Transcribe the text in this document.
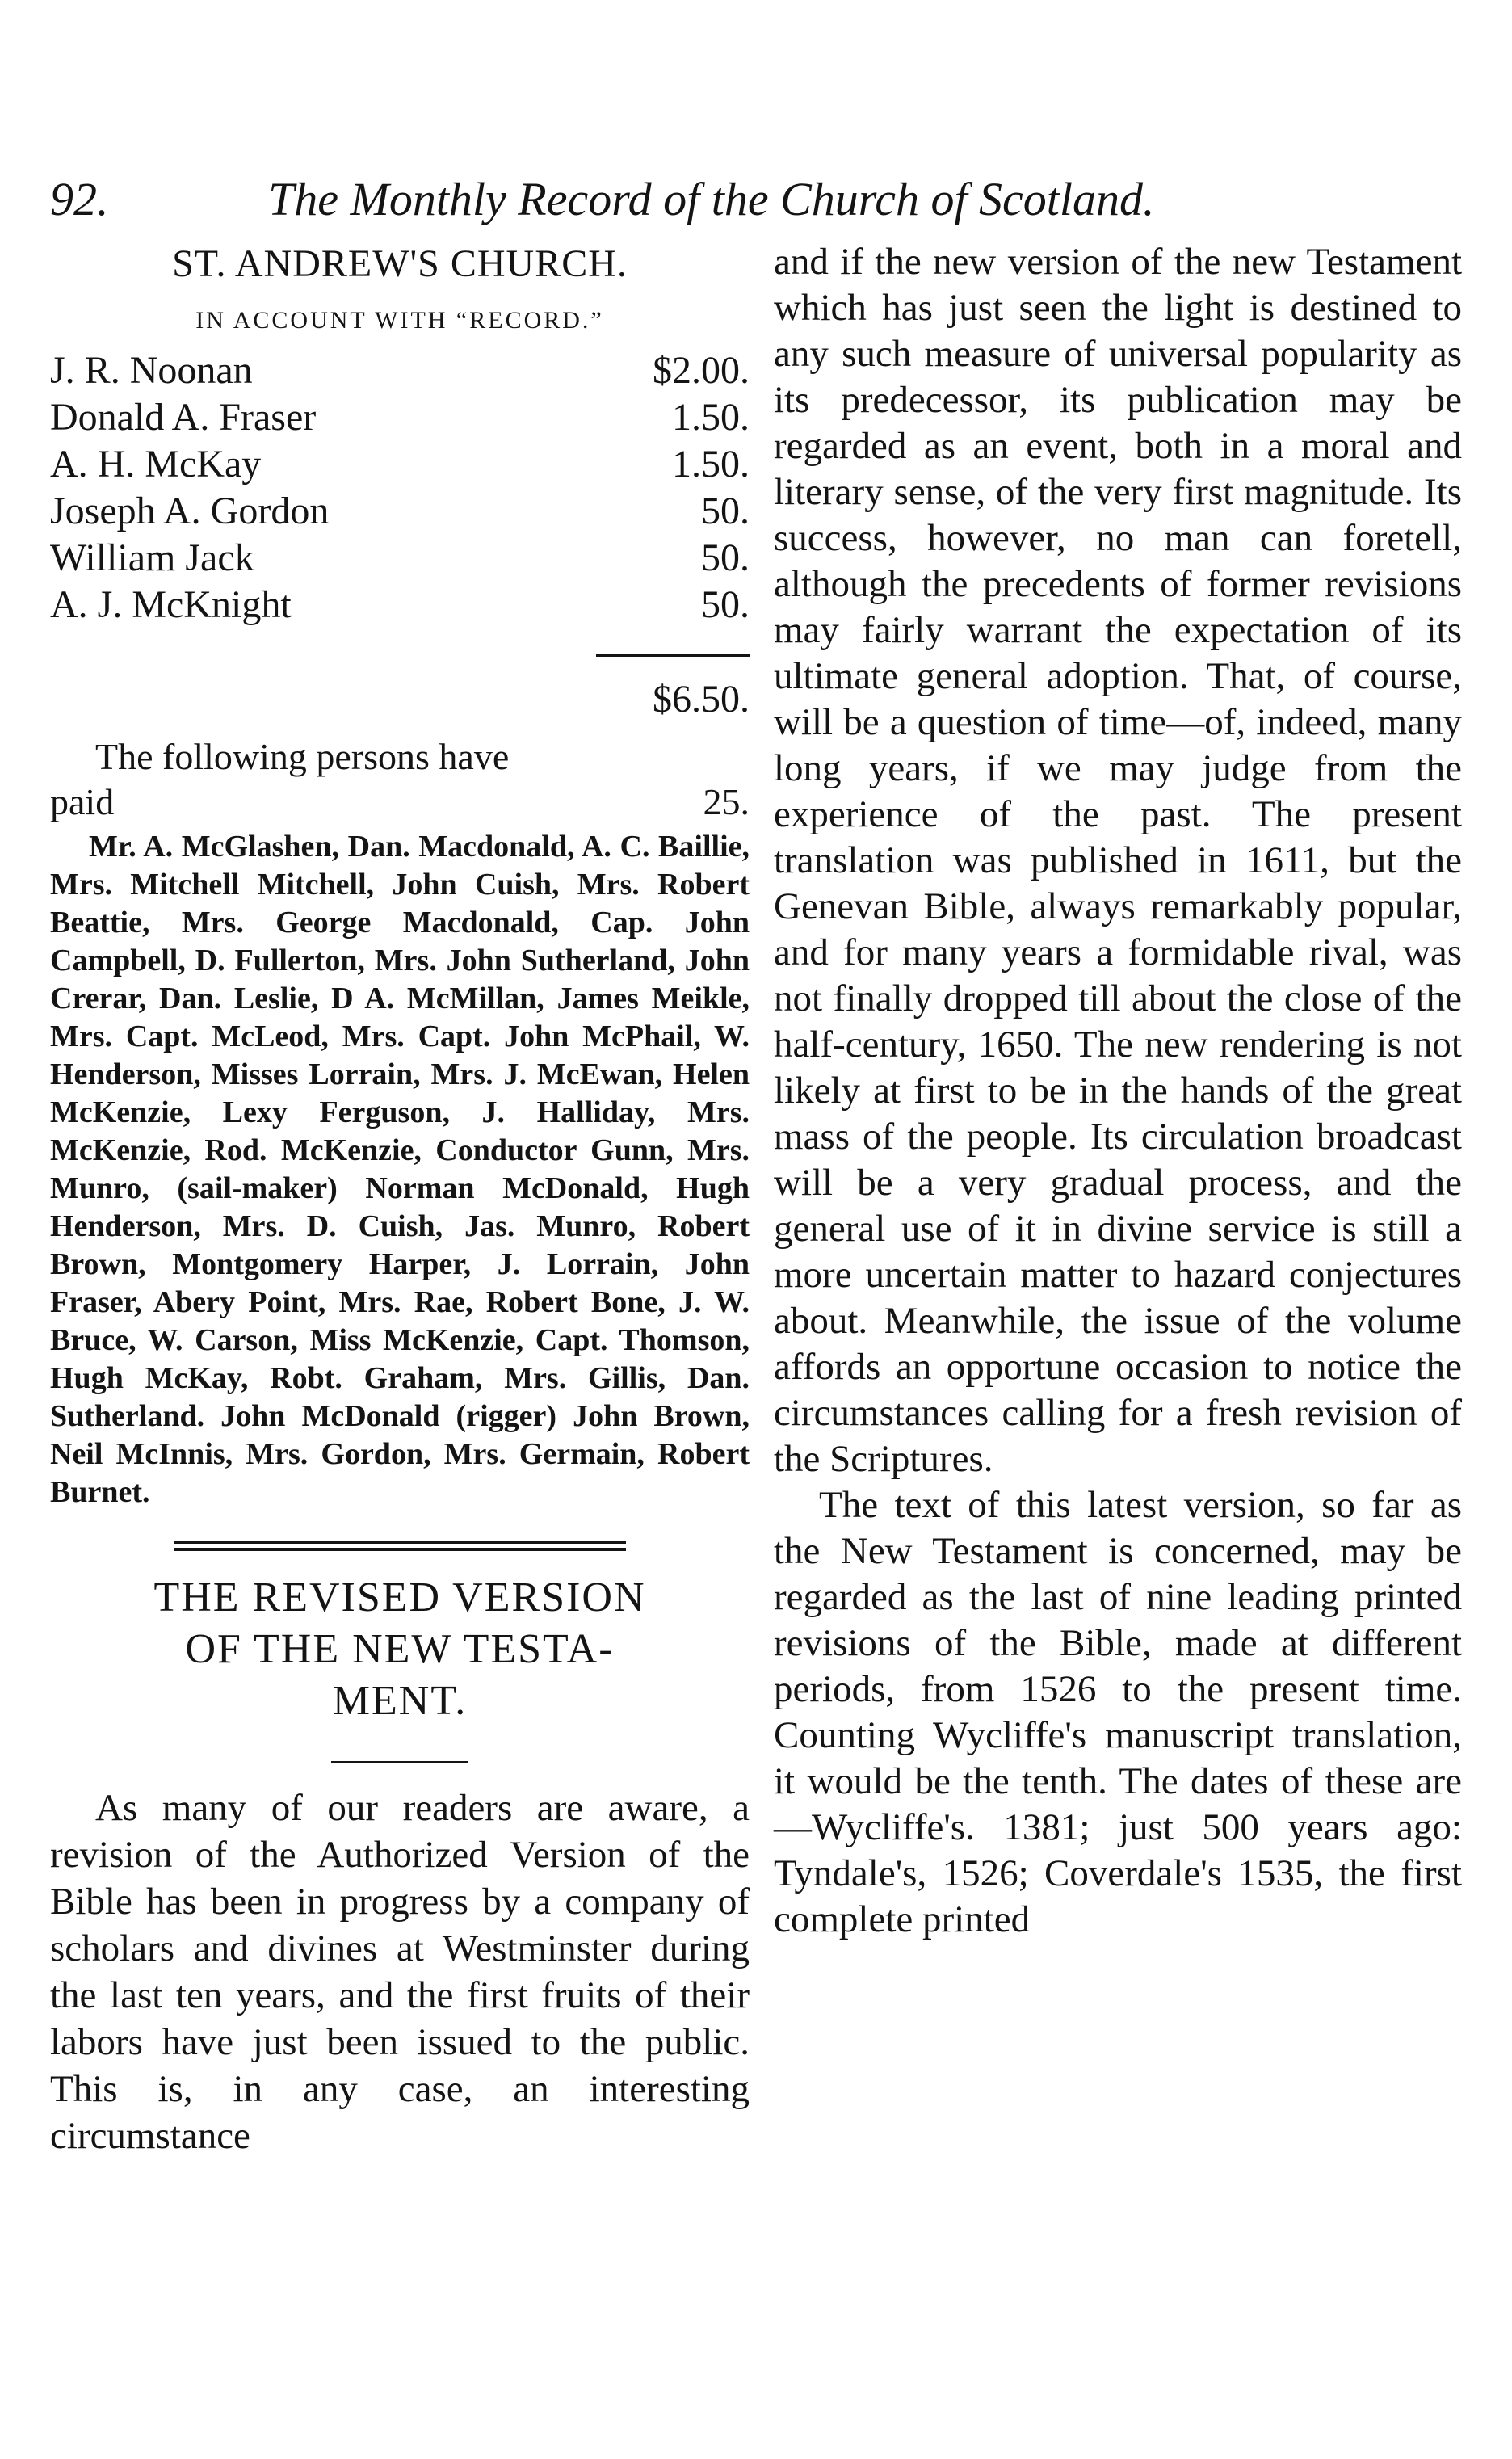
92.	The Monthly Record of the Church of Scotland.
ST. ANDREW'S CHURCH.
IN ACCOUNT WITH “RECORD.”
J. R. Noonan	$2.00.
Donald A. Fraser	1.50.
A. H. McKay	1.50.
Joseph A. Gordon	50.
William Jack	50.
A. J. McKnight	50.
$6.50.
The following persons have
paid	25.

Mr. A. McGlashen, Dan. Macdonald, A. C. Baillie, Mrs. Mitchell Mitchell, John Cuish, Mrs. Robert Beattie, Mrs. George Macdonald, Cap. John Campbell, D. Fullerton, Mrs. John Sutherland, John Crerar, Dan. Leslie, D A. McMillan, James Meikle, Mrs. Capt. McLeod, Mrs. Capt. John McPhail, W. Henderson, Misses Lorrain, Mrs. J. McEwan, Helen McKenzie, Lexy Ferguson, J. Halliday, Mrs. McKenzie, Rod. McKenzie, Conductor Gunn, Mrs. Munro, (sail-maker) Norman McDonald, Hugh Henderson, Mrs. D. Cuish, Jas. Munro, Robert Brown, Montgomery Harper, J. Lorrain, John Fraser, Abery Point, Mrs. Rae, Robert Bone, J. W. Bruce, W. Carson, Miss McKenzie, Capt. Thomson, Hugh McKay, Robt. Graham, Mrs. Gillis, Dan. Sutherland. John McDonald (rigger) John Brown, Neil McInnis, Mrs. Gordon, Mrs. Germain, Robert Burnet.

THE REVISED VERSION
OF THE NEW TESTA-
MENT.

As many of our readers are aware, a revision of the Authorized Version of the Bible has been in progress by a company of scholars and divines at Westminster during the last ten years, and the first fruits of their labors have just been issued to the public. This is, in any case, an interesting circumstance

and if the new version of the new Testament which has just seen the light is destined to any such measure of universal popularity as its predecessor, its publication may be regarded as an event, both in a moral and literary sense, of the very first magnitude. Its success, however, no man can foretell, although the precedents of former revisions may fairly warrant the expectation of its ultimate general adoption. That, of course, will be a question of time—of, indeed, many long years, if we may judge from the experience of the past. The present translation was published in 1611, but the Genevan Bible, always remarkably popular, and for many years a formidable rival, was not finally dropped till about the close of the half-century, 1650. The new rendering is not likely at first to be in the hands of the great mass of the people. Its circulation broadcast will be a very gradual process, and the general use of it in divine service is still a more uncertain matter to hazard conjectures about. Meanwhile, the issue of the volume affords an opportune occasion to notice the circumstances calling for a fresh revision of the Scriptures.

The text of this latest version, so far as the New Testament is concerned, may be regarded as the last of nine leading printed revisions of the Bible, made at different periods, from 1526 to the present time. Counting Wycliffe's manuscript translation, it would be the tenth. The dates of these are—Wycliffe's. 1381; just 500 years ago: Tyndale's, 1526; Coverdale's 1535, the first complete printed
